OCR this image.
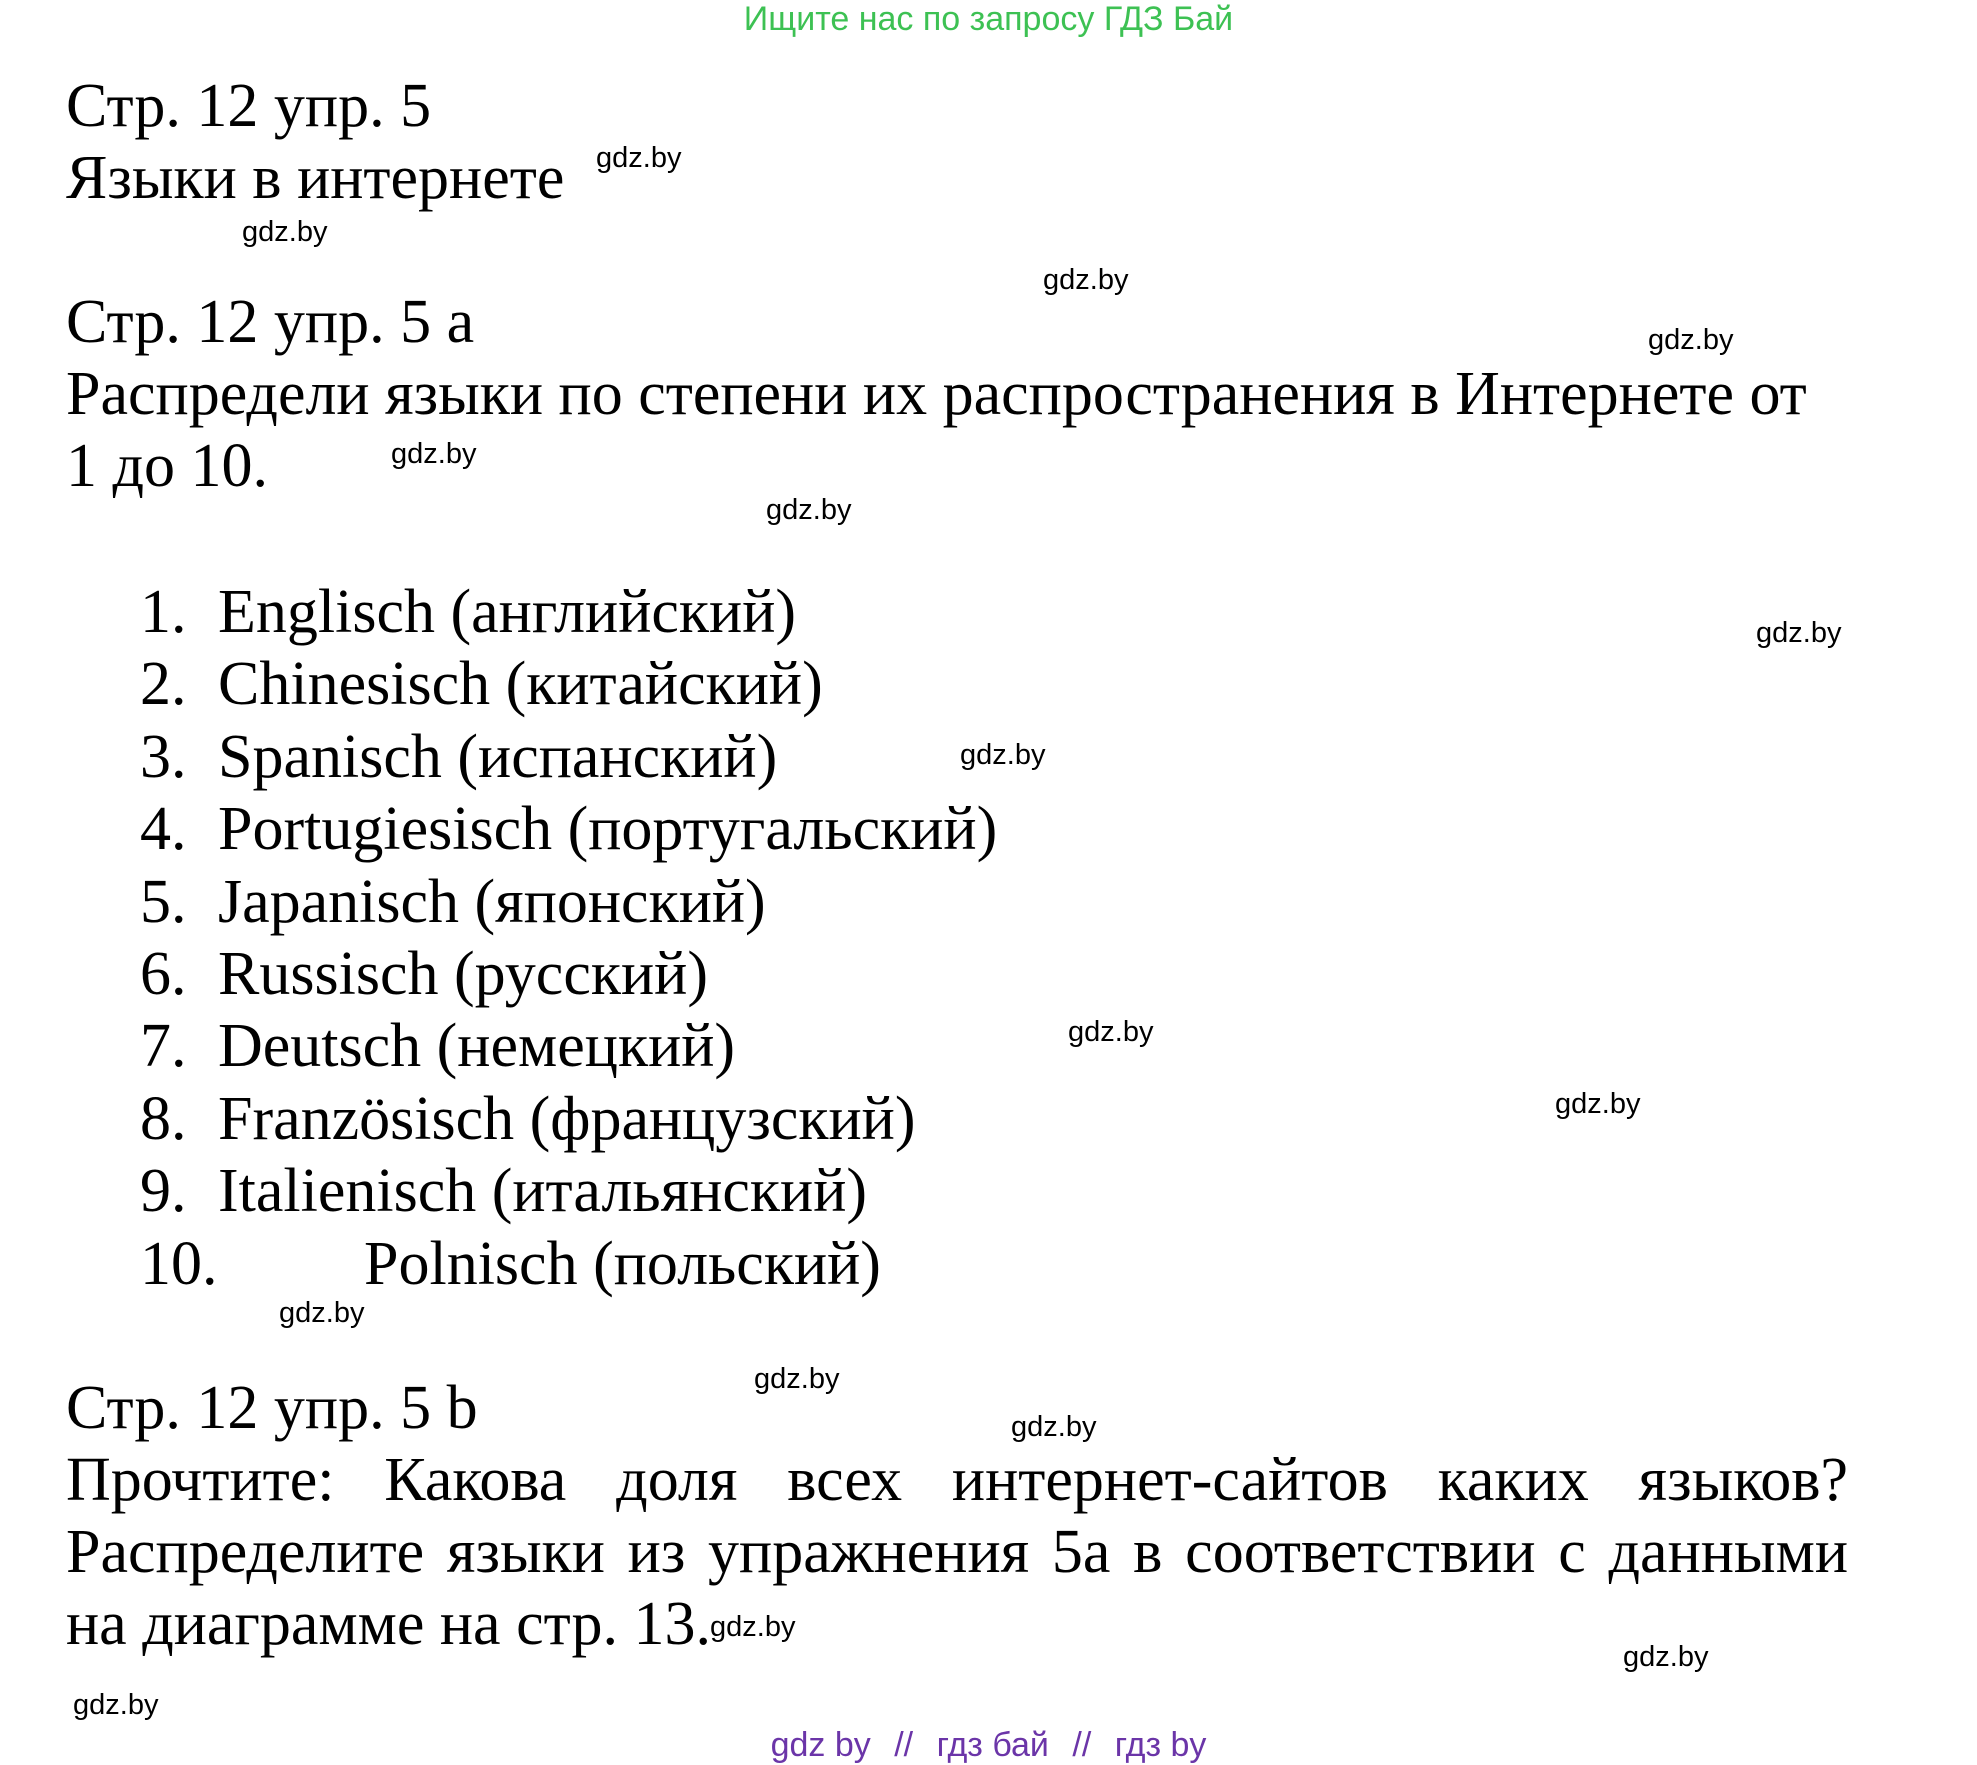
Ищите нас по запросу ГДЗ Бай
Стр. 12 упр. 5
Языки в интернете
Стр. 12 упр. 5 а
Распредели языки по степени их распространения в Интернете от
1 до 10.
1. Englisch (английский)
2. Chinesisch (китайский)
3. Spanisch (испанский)
4. Portugiesisch (португальский)
5. Japanisch (японский)
6. Russisch (русский)
7. Deutsch (немецкий)
8. Französisch (французский)
9. Italienisch (итальянский)
10. Polnisch (польский)
Стр. 12 упр. 5 b
Прочтите: Какова доля всех интернет-сайтов каких языков?
Распределите языки из упражнения 5а в соответствии с данными
на диаграмме на стр. 13.
gdz.by
gdz.by
gdz.by
gdz.by
gdz.by
gdz.by
gdz.by
gdz.by
gdz.by
gdz.by
gdz.by
gdz.by
gdz.by
gdz.by
gdz.by
gdz.by
gdz by // гдз бай // гдз by
